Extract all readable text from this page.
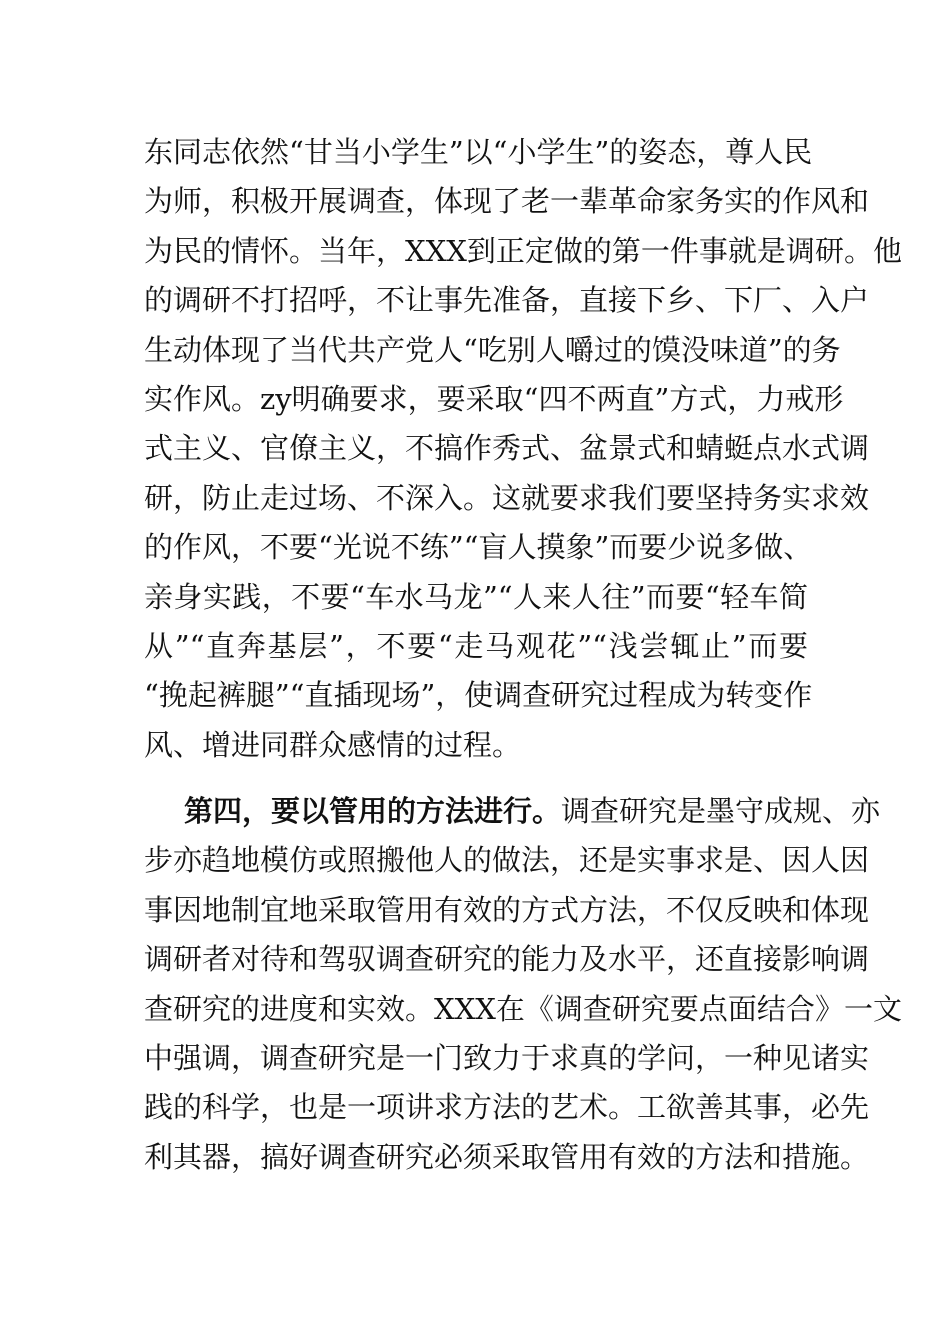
东同志依然“甘当小学生”以“小学生”的姿态，尊人民
为师，积极开展调查，体现了老一辈革命家务实的作风和
为民的情怀。当年，XXX到正定做的第一件事就是调研。他
的调研不打招呼，不让事先准备，直接下乡、下厂、入户
生动体现了当代共产党人“吃别人嚼过的馍没味道”的务
实作风。zy明确要求，要采取“四不两直”方式，力戒形
式主义、官僚主义，不搞作秀式、盆景式和蜻蜓点水式调
研，防止走过场、不深入。这就要求我们要坚持务实求效
的作风，不要“光说不练”“盲人摸象”而要少说多做、
亲身实践，不要“车水马龙”“人来人往”而要“轻车简
从”“直奔基层”，不要“走马观花”“浅尝辄止”而要
“挽起裤腿”“直插现场”，使调查研究过程成为转变作
风、增进同群众感情的过程。
第四，要以管用的方法进行。调查研究是墨守成规、亦
步亦趋地模仿或照搬他人的做法，还是实事求是、因人因
事因地制宜地采取管用有效的方式方法，不仅反映和体现
调研者对待和驾驭调查研究的能力及水平，还直接影响调
查研究的进度和实效。XXX在《调查研究要点面结合》一文
中强调，调查研究是一门致力于求真的学问，一种见诸实
践的科学，也是一项讲求方法的艺术。工欲善其事，必先
利其器，搞好调查研究必须采取管用有效的方法和措施。
